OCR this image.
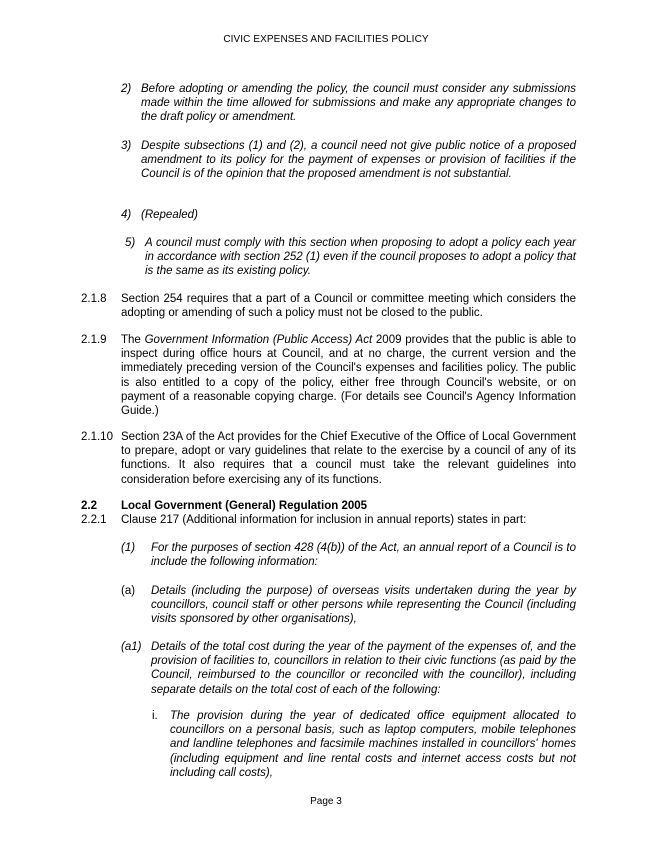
CIVIC EXPENSES AND FACILITIES POLICY
2) Before adopting or amending the policy, the council must consider any submissions made within the time allowed for submissions and make any appropriate changes to the draft policy or amendment.
3) Despite subsections (1) and (2), a council need not give public notice of a proposed amendment to its policy for the payment of expenses or provision of facilities if the Council is of the opinion that the proposed amendment is not substantial.
4) (Repealed)
5) A council must comply with this section when proposing to adopt a policy each year in accordance with section 252 (1) even if the council proposes to adopt a policy that is the same as its existing policy.
2.1.8 Section 254 requires that a part of a Council or committee meeting which considers the adopting or amending of such a policy must not be closed to the public.
2.1.9 The Government Information (Public Access) Act 2009 provides that the public is able to inspect during office hours at Council, and at no charge, the current version and the immediately preceding version of the Council's expenses and facilities policy. The public is also entitled to a copy of the policy, either free through Council's website, or on payment of a reasonable copying charge. (For details see Council's Agency Information Guide.)
2.1.10 Section 23A of the Act provides for the Chief Executive of the Office of Local Government to prepare, adopt or vary guidelines that relate to the exercise by a council of any of its functions. It also requires that a council must take the relevant guidelines into consideration before exercising any of its functions.
2.2 Local Government (General) Regulation 2005
2.2.1 Clause 217 (Additional information for inclusion in annual reports) states in part:
(1) For the purposes of section 428 (4(b)) of the Act, an annual report of a Council is to include the following information:
(a) Details (including the purpose) of overseas visits undertaken during the year by councillors, council staff or other persons while representing the Council (including visits sponsored by other organisations),
(a1) Details of the total cost during the year of the payment of the expenses of, and the provision of facilities to, councillors in relation to their civic functions (as paid by the Council, reimbursed to the councillor or reconciled with the councillor), including separate details on the total cost of each of the following:
i. The provision during the year of dedicated office equipment allocated to councillors on a personal basis, such as laptop computers, mobile telephones and landline telephones and facsimile machines installed in councillors' homes (including equipment and line rental costs and internet access costs but not including call costs),
Page 3
